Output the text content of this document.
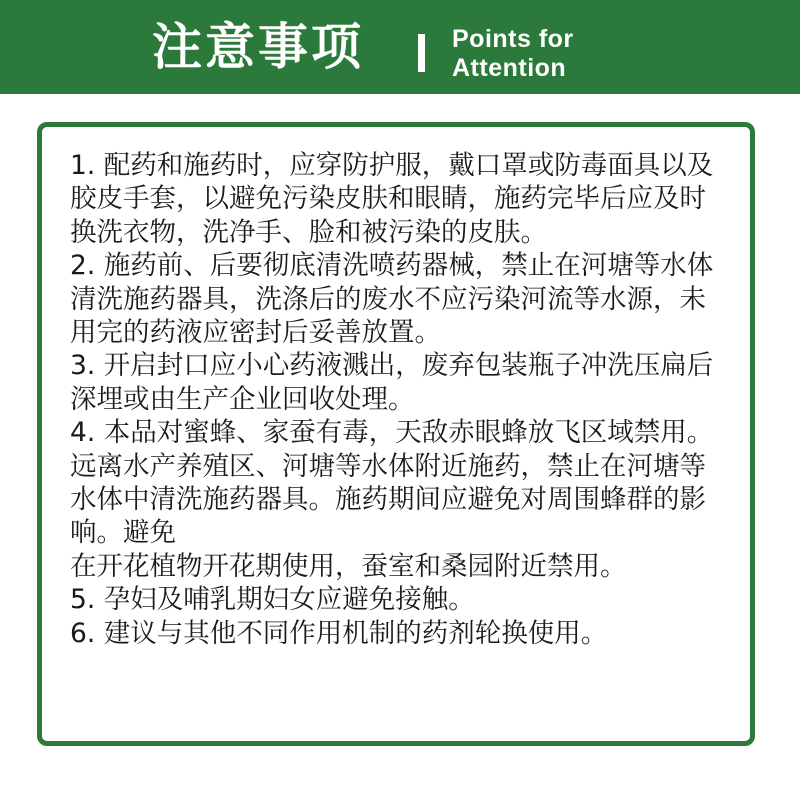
注意事项	Points for
Attention
1. 配药和施药时，应穿防护服，戴口罩或防毒面具以及胶皮手套，以避免污染皮肤和眼睛，施药完毕后应及时换洗衣物，洗净手、脸和被污染的皮肤。
2. 施药前、后要彻底清洗喷药器械，禁止在河塘等水体清洗施药器具，洗涤后的废水不应污染河流等水源，未用完的药液应密封后妥善放置。
3. 开启封口应小心药液溅出，废弃包装瓶子冲洗压扁后深埋或由生产企业回收处理。
4. 本品对蜜蜂、家蚕有毒，天敌赤眼蜂放飞区域禁用。远离水产养殖区、河塘等水体附近施药，禁止在河塘等水体中清洗施药器具。施药期间应避免对周围蜂群的影响。避免
在开花植物开花期使用，蚕室和桑园附近禁用。
5. 孕妇及哺乳期妇女应避免接触。
6. 建议与其他不同作用机制的药剂轮换使用。
